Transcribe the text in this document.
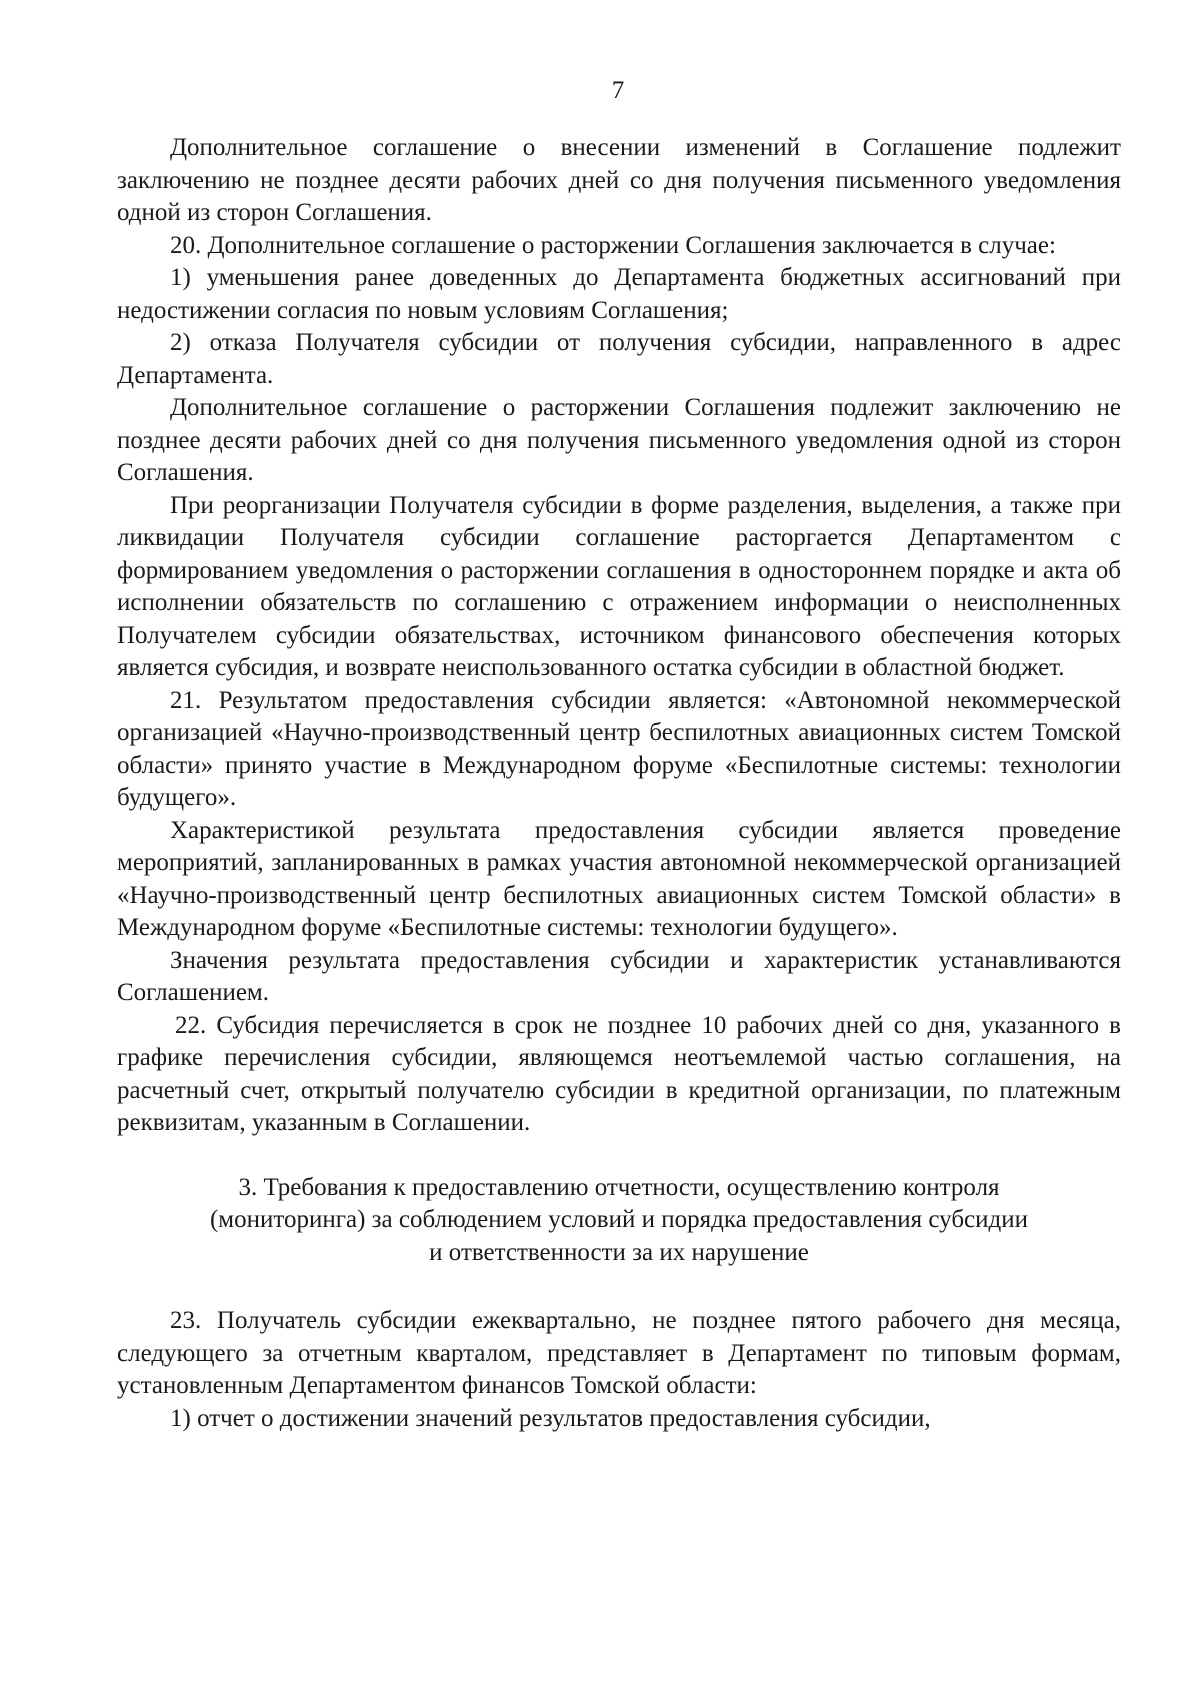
7

Дополнительное соглашение о внесении изменений в Соглашение подлежит заключению не позднее десяти рабочих дней со дня получения письменного уведомления одной из сторон Соглашения.

20. Дополнительное соглашение о расторжении Соглашения заключается в случае:

1) уменьшения ранее доведенных до Департамента бюджетных ассигнований при недостижении согласия по новым условиям Соглашения;

2) отказа Получателя субсидии от получения субсидии, направленного в адрес Департамента.

Дополнительное соглашение о расторжении Соглашения подлежит заключению не позднее десяти рабочих дней со дня получения письменного уведомления одной из сторон Соглашения.

При реорганизации Получателя субсидии в форме разделения, выделения, а также при ликвидации Получателя субсидии соглашение расторгается Департаментом с формированием уведомления о расторжении соглашения в одностороннем порядке и акта об исполнении обязательств по соглашению с отражением информации о неисполненных Получателем субсидии обязательствах, источником финансового обеспечения которых является субсидия, и возврате неиспользованного остатка субсидии в областной бюджет.

21. Результатом предоставления субсидии является: «Автономной некоммерческой организацией «Научно-производственный центр беспилотных авиационных систем Томской области» принято участие в Международном форуме «Беспилотные системы: технологии будущего».

Характеристикой результата предоставления субсидии является проведение мероприятий, запланированных в рамках участия автономной некоммерческой организацией «Научно-производственный центр беспилотных авиационных систем Томской области» в Международном форуме «Беспилотные системы: технологии будущего».

Значения результата предоставления субсидии и характеристик устанавливаются Соглашением.

22. Субсидия перечисляется в срок не позднее 10 рабочих дней со дня, указанного в графике перечисления субсидии, являющемся неотъемлемой частью соглашения, на расчетный счет, открытый получателю субсидии в кредитной организации, по платежным реквизитам, указанным в Соглашении.

3. Требования к предоставлению отчетности, осуществлению контроля
(мониторинга) за соблюдением условий и порядка предоставления субсидии
и ответственности за их нарушение

23. Получатель субсидии ежеквартально, не позднее пятого рабочего дня месяца, следующего за отчетным кварталом, представляет в Департамент по типовым формам, установленным Департаментом финансов Томской области:

1) отчет о достижении значений результатов предоставления субсидии,
